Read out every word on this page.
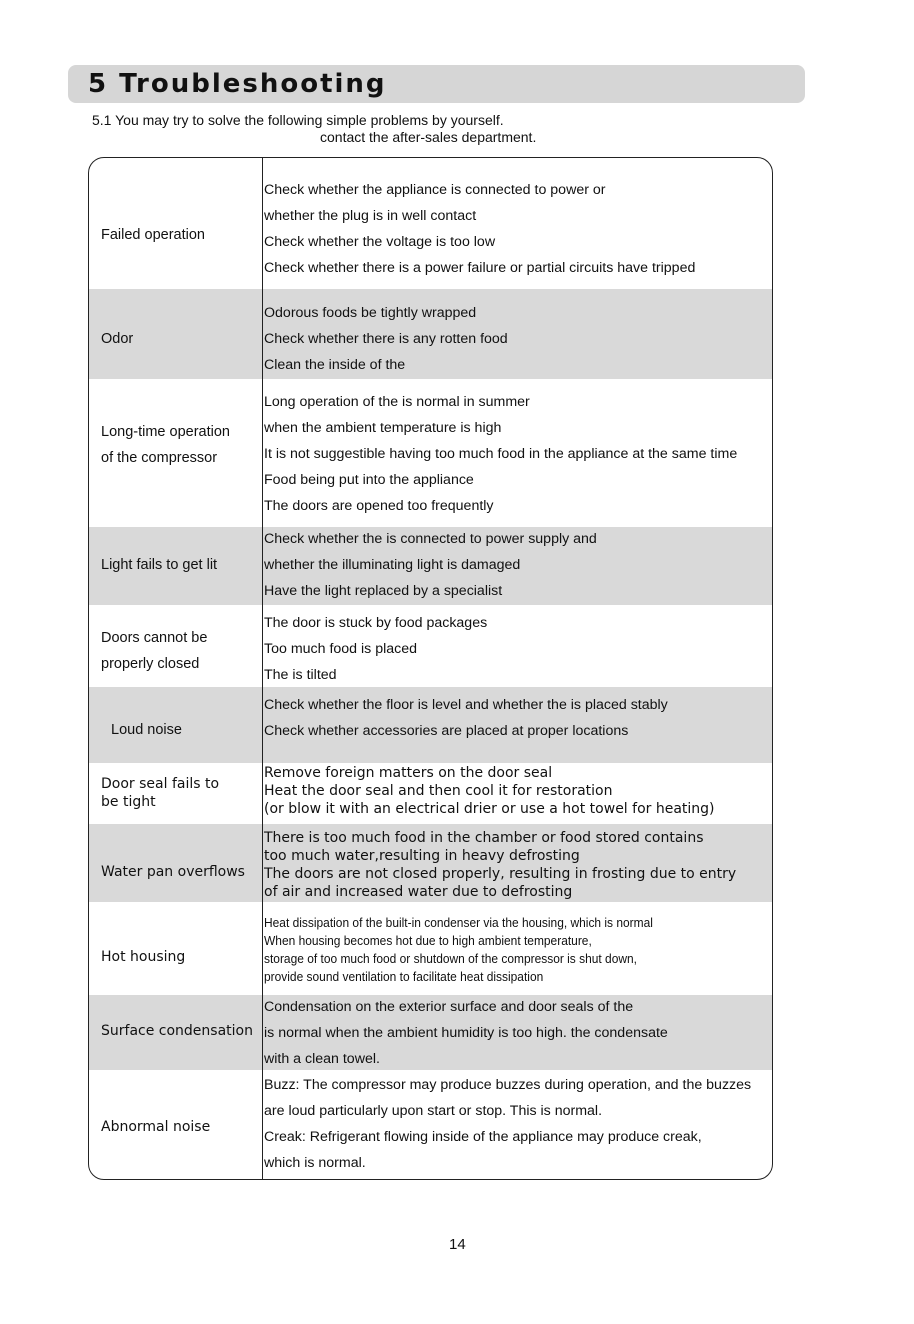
5 Troubleshooting
5.1 You may try to solve the following simple problems by yourself.
contact the after-sales department.
Failed operation
Check whether the appliance is connected to power or
whether the plug is in well contact
Check whether the voltage is too low
Check whether there is a power failure or partial circuits have tripped
Odor
Odorous foods be tightly wrapped
Check whether there is any rotten food
Clean the inside of the
Long-time operation
of the compressor
Long operation of the is normal in summer
when the ambient temperature is high
It is not suggestible having too much food in the appliance at the same time
Food being put into the appliance
The doors are opened too frequently
Light fails to get lit
Check whether the is connected to power supply and
whether the illuminating light is damaged
Have the light replaced by a specialist
Doors cannot be
properly closed
The door is stuck by food packages
Too much food is placed
The is tilted
Loud noise
Check whether the floor is level and whether the is placed stably
Check whether accessories are placed at proper locations
Door seal fails to
be tight
Remove foreign matters on the door seal
Heat the door seal and then cool it for restoration
(or blow it with an electrical drier or use a hot towel for heating)
Water pan overflows
There is too much food in the chamber or food stored contains
too much water,resulting in heavy defrosting
The doors are not closed properly, resulting in frosting due to entry
of air and increased water due to defrosting
Hot housing
Heat dissipation of the built-in condenser via the housing, which is normal
When housing becomes hot due to high ambient temperature,
storage of too much food or shutdown of the compressor is shut down,
provide sound ventilation to facilitate heat dissipation
Surface condensation
Condensation on the exterior surface and door seals of the
is normal when the ambient humidity is too high. the condensate
with a clean towel.
Abnormal noise
Buzz: The compressor may produce buzzes during operation, and the buzzes
are loud particularly upon start or stop. This is normal.
Creak: Refrigerant flowing inside of the appliance may produce creak,
which is normal.
14
